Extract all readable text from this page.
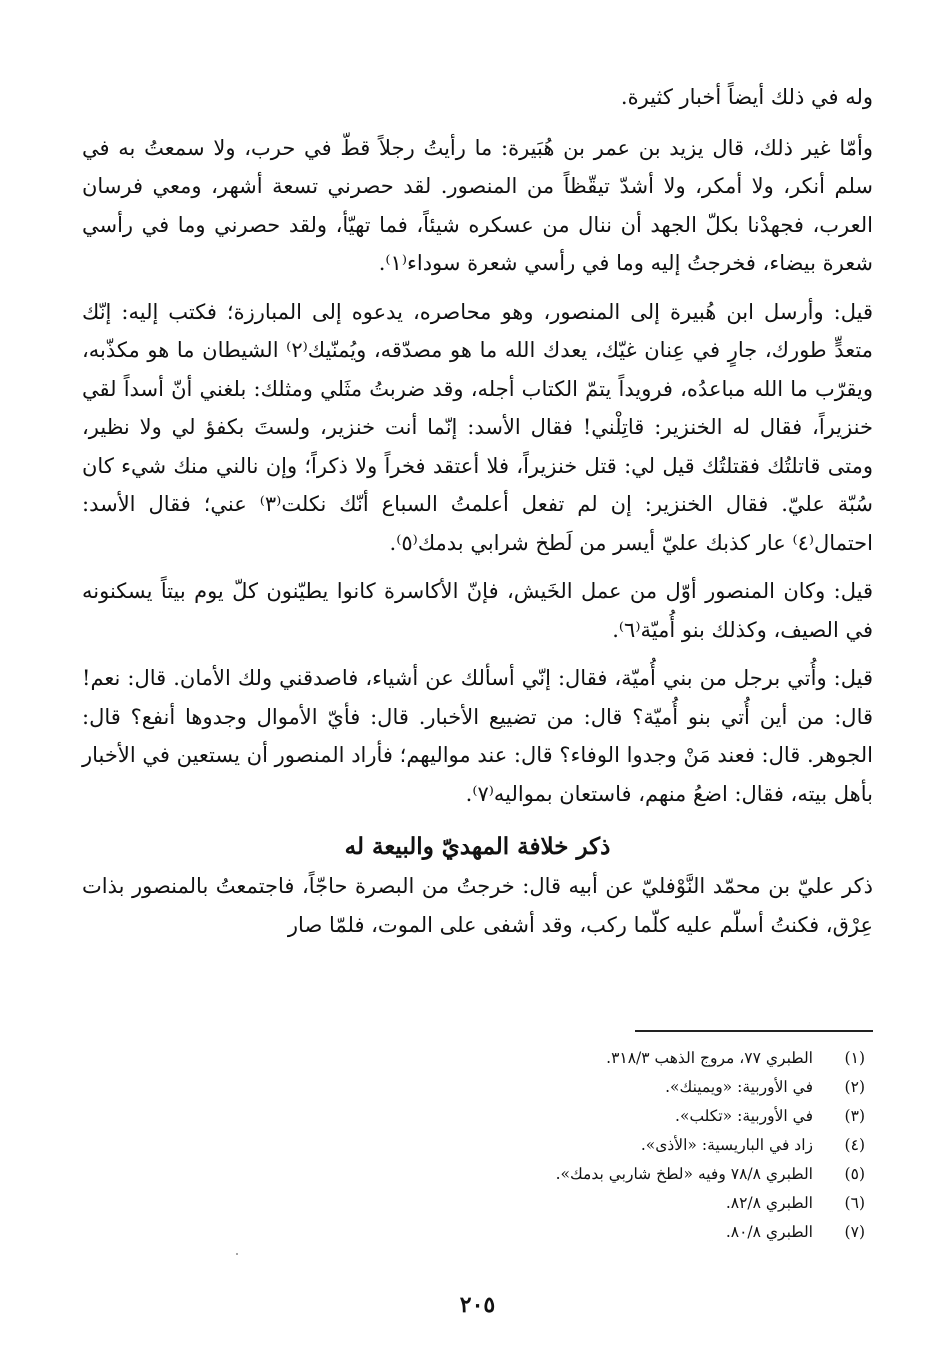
وله في ذلك أيضاً أخبار كثيرة.

وأمّا غير ذلك، قال يزيد بن عمر بن هُبَيرة: ما رأيتُ رجلاً قطّ في حرب، ولا سمعتُ به في سلم أنكر، ولا أمكر، ولا أشدّ تيقّظاً من المنصور. لقد حصرني تسعة أشهر، ومعي فرسان العرب، فجهدْنا بكلّ الجهد أن ننال من عسكره شيئاً، فما تهيّأ، ولقد حصرني وما في رأسي شعرة بيضاء، فخرجتُ إليه وما في رأسي شعرة سوداء⁽١⁾.

قيل: وأرسل ابن هُبيرة إلى المنصور، وهو محاصره، يدعوه إلى المبارزة؛ فكتب إليه: إنّك متعدٍّ طورك، جارٍ في عِنان غيّك، يعدك الله ما هو مصدّقه، ويُمنّيك⁽٢⁾ الشيطان ما هو مكذّبه، ويقرّب ما الله مباعدُه، فرويداً يتمّ الكتاب أجله، وقد ضربتُ مثَلي ومثلك: بلغني أنّ أسداً لقي خنزيراً، فقال له الخنزير: قاتِلْني! فقال الأسد: إنّما أنت خنزير، ولستَ بكفؤ لي ولا نظير، ومتى قاتلتُك فقتلتُك قيل لي: قتل خنزيراً، فلا أعتقد فخراً ولا ذكراً؛ وإن نالني منك شيء كان سُبّة عليّ. فقال الخنزير: إن لم تفعل أعلمتُ السباع أنّك نكلت⁽٣⁾ عني؛ فقال الأسد: احتمال⁽٤⁾ عار كذبك عليّ أيسر من لَطخ شرابي بدمك⁽٥⁾.

قيل: وكان المنصور أوّل من عمل الخَيش، فإنّ الأكاسرة كانوا يطيّنون كلّ يوم بيتاً يسكنونه في الصيف، وكذلك بنو أُميّة⁽٦⁾.

قيل: وأُتي برجل من بني أُميّة، فقال: إنّي أسألك عن أشياء، فاصدقني ولك الأمان. قال: نعم! قال: من أين أُتي بنو أُميّة؟ قال: من تضييع الأخبار. قال: فأيّ الأموال وجدوها أنفع؟ قال: الجوهر. قال: فعند مَنْ وجدوا الوفاء؟ قال: عند مواليهم؛ فأراد المنصور أن يستعين في الأخبار بأهل بيته، فقال: اضعُ منهم، فاستعان بمواليه⁽٧⁾.

ذكر خلافة المهديّ والبيعة له

ذكر عليّ بن محمّد النَّوْفليّ عن أبيه قال: خرجتُ من البصرة حاجّاً، فاجتمعتُ بالمنصور بذات عِرْق، فكنتُ أسلّم عليه كلّما ركب، وقد أشفى على الموت، فلمّا صار

(١)
الطبري ٧٧، مروج الذهب ٣١٨/٣.
(٢)
في الأوربية: «ويمينك».
(٣)
في الأوربية: «تكلب».
(٤)
زاد في الباريسية: «الأذى».
(٥)
الطبري ٧٨/٨ وفيه «لطخ شاربي بدمك».
(٦)
الطبري ٨٢/٨.
(٧)
الطبري ٨٠/٨.
٢٠٥
